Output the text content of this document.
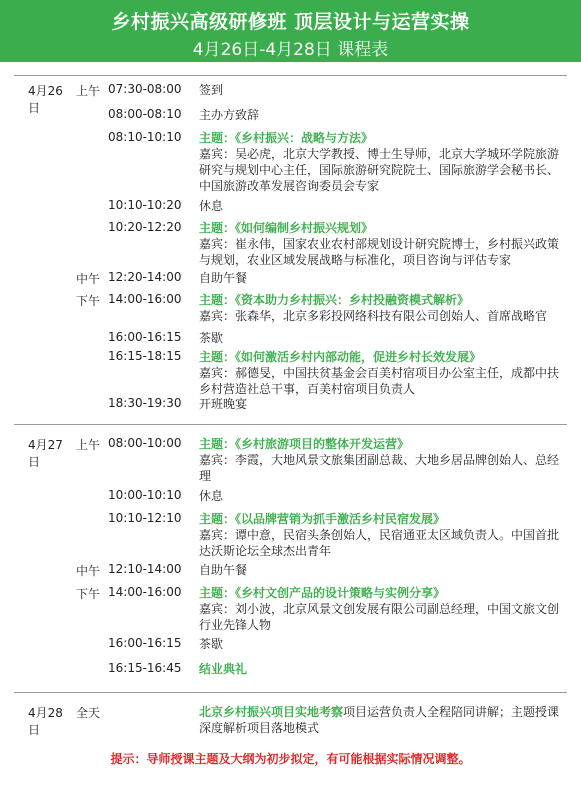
乡村振兴高级研修班 顶层设计与运营实操
4月26日-4月28日 课程表
4月26日
上午 07:30-08:00	签到
08:00-08:10	主办方致辞
08:10-10:10	主题：《乡村振兴：战略与方法》
嘉宾：吴必虎，北京大学教授、博士生导师，北京大学城环学院旅游研究与规划中心主任，国际旅游研究院院士、国际旅游学会秘书长、中国旅游改革发展咨询委员会专家
10:10-10:20	休息
10:20-12:20	主题：《如何编制乡村振兴规划》
嘉宾：崔永伟，国家农业农村部规划设计研究院博士，乡村振兴政策与规划，农业区域发展战略与标准化，项目咨询与评估专家
中午 12:20-14:00	自助午餐
下午 14:00-16:00	主题：《资本助力乡村振兴：乡村投融资模式解析》
嘉宾：张森华，北京多彩投网络科技有限公司创始人、首席战略官
16:00-16:15	茶歇
16:15-18:15	主题：《如何激活乡村内部动能，促进乡村长效发展》
嘉宾：郝德旻，中国扶贫基金会百美村宿项目办公室主任，成都中扶乡村营造社总干事，百美村宿项目负责人
18:30-19:30	开班晚宴
4月27日
上午 08:00-10:00	主题：《乡村旅游项目的整体开发运营》
嘉宾：李霞，大地风景文旅集团副总裁、大地乡居品牌创始人、总经理
10:00-10:10	休息
10:10-12:10	主题：《以品牌营销为抓手激活乡村民宿发展》
嘉宾：谭中意，民宿头条创始人，民宿通亚太区域负责人。中国首批达沃斯论坛全球杰出青年
中午 12:10-14:00	自助午餐
下午 14:00-16:00	主题：《乡村文创产品的设计策略与实例分享》
嘉宾：刘小波，北京风景文创发展有限公司副总经理，中国文旅文创行业先锋人物
16:00-16:15	茶歇
16:15-16:45	结业典礼
4月28日
全天	北京乡村振兴项目实地考察项目运营负责人全程陪同讲解；主题授课深度解析项目落地模式
提示：导师授课主题及大纲为初步拟定，有可能根据实际情况调整。
